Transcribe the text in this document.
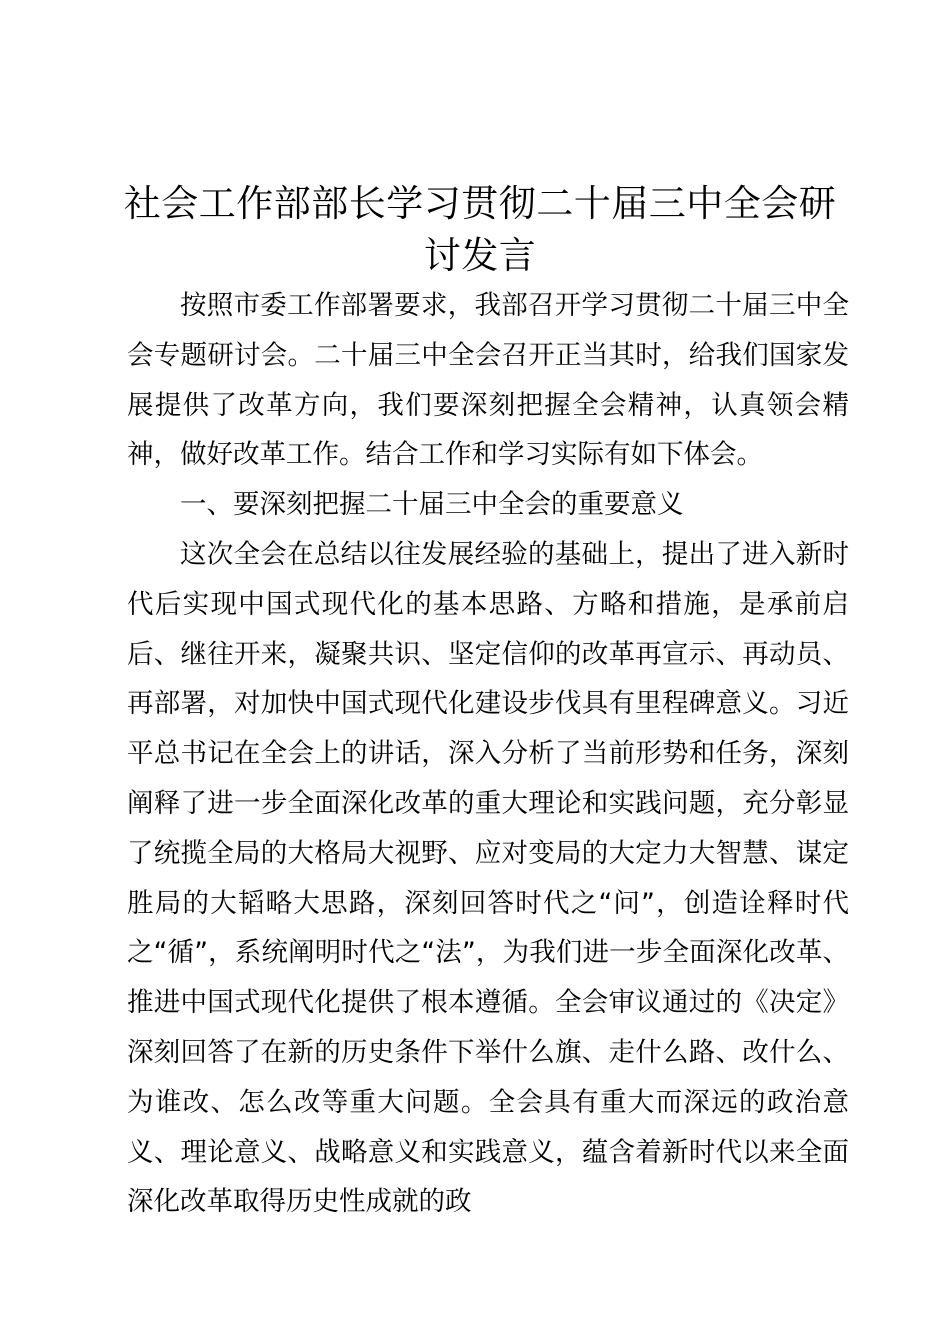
社会工作部部长学习贯彻二十届三中全会研讨发言

按照市委工作部署要求，我部召开学习贯彻二十届三中全会专题研讨会。二十届三中全会召开正当其时，给我们国家发展提供了改革方向，我们要深刻把握全会精神，认真领会精神，做好改革工作。结合工作和学习实际有如下体会。

一、要深刻把握二十届三中全会的重要意义

这次全会在总结以往发展经验的基础上，提出了进入新时代后实现中国式现代化的基本思路、方略和措施，是承前启后、继往开来，凝聚共识、坚定信仰的改革再宣示、再动员、再部署，对加快中国式现代化建设步伐具有里程碑意义。习近平总书记在全会上的讲话，深入分析了当前形势和任务，深刻阐释了进一步全面深化改革的重大理论和实践问题，充分彰显了统揽全局的大格局大视野、应对变局的大定力大智慧、谋定胜局的大韬略大思路，深刻回答时代之“问”，创造诠释时代之“循”，系统阐明时代之“法”，为我们进一步全面深化改革、推进中国式现代化提供了根本遵循。全会审议通过的《决定》深刻回答了在新的历史条件下举什么旗、走什么路、改什么、为谁改、怎么改等重大问题。全会具有重大而深远的政治意义、理论意义、战略意义和实践意义，蕴含着新时代以来全面深化改革取得历史性成就的政
